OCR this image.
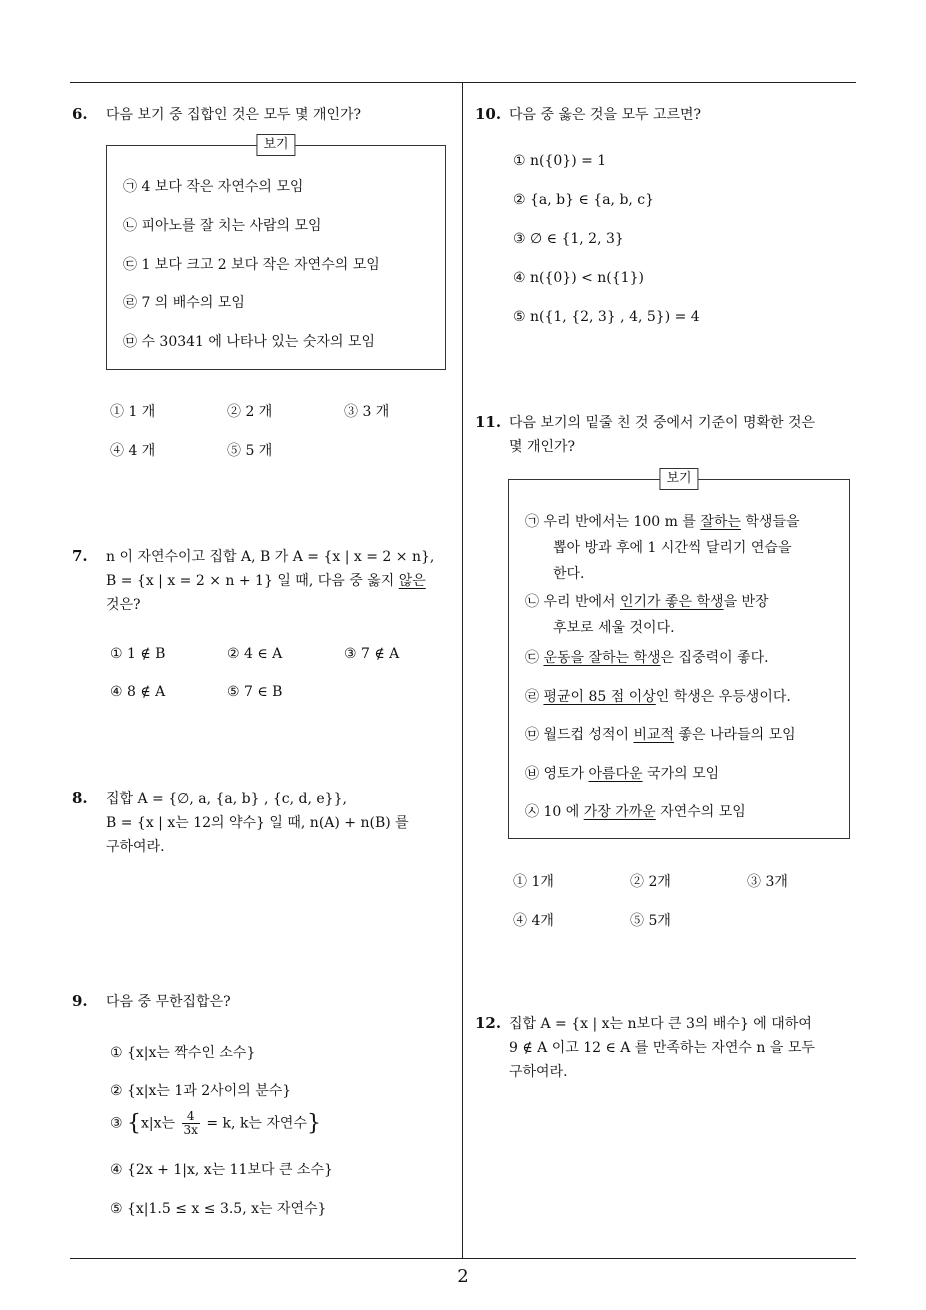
6. 다음 보기 중 집합인 것은 모두 몇 개인가?
보기
㉠ 4 보다 작은 자연수의 모임
㉡ 피아노를 잘 치는 사람의 모임
㉢ 1 보다 크고 2 보다 작은 자연수의 모임
㉣ 7 의 배수의 모임
㉤ 수 30341 에 나타나 있는 숫자의 모임
① 1 개	② 2 개	③ 3 개
④ 4 개	⑤ 5 개
7. n 이 자연수이고 집합 A, B 가 A = {x | x = 2 × n},
B = {x | x = 2 × n + 1} 일 때, 다음 중 옳지 않은
것은?
① 1 ∉ B	② 4 ∈ A	③ 7 ∉ A
④ 8 ∉ A	⑤ 7 ∈ B
8. 집합 A = {∅, a, {a, b} , {c, d, e}},
B = {x | x는 12의 약수} 일 때, n(A) + n(B) 를
구하여라.
9. 다음 중 무한집합은?
① {x|x는 짝수인 소수}
② {x|x는 1과 2사이의 분수}
③ {x|x는 $\frac{4}{3x} = k$, k는 자연수}
④ {2x + 1|x, x는 11보다 큰 소수}
⑤ {x|1.5 ≤ x ≤ 3.5, x는 자연수}
10. 다음 중 옳은 것을 모두 고르면?
① n({0}) = 1
② {a, b} ∈ {a, b, c}
③ ∅ ∈ {1, 2, 3}
④ n({0}) < n({1})
⑤ n({1, {2, 3} , 4, 5}) = 4
11. 다음 보기의 밑줄 친 것 중에서 기준이 명확한 것은
몇 개인가?
보기
㉠ 우리 반에서는 100 m 를 잘하는 학생들을
뽑아 방과 후에 1 시간씩 달리기 연습을
한다.
㉡ 우리 반에서 인기가 좋은 학생을 반장
후보로 세울 것이다.
㉢ 운동을 잘하는 학생은 집중력이 좋다.
㉣ 평균이 85 점 이상인 학생은 우등생이다.
㉤ 월드컵 성적이 비교적 좋은 나라들의 모임
㉥ 영토가 아름다운 국가의 모임
㉦ 10 에 가장 가까운 자연수의 모임
① 1개	② 2개	③ 3개
④ 4개	⑤ 5개
12. 집합 A = {x | x는 n보다 큰 3의 배수} 에 대하여
9 ∉ A 이고 12 ∈ A 를 만족하는 자연수 n 을 모두
구하여라.
2
